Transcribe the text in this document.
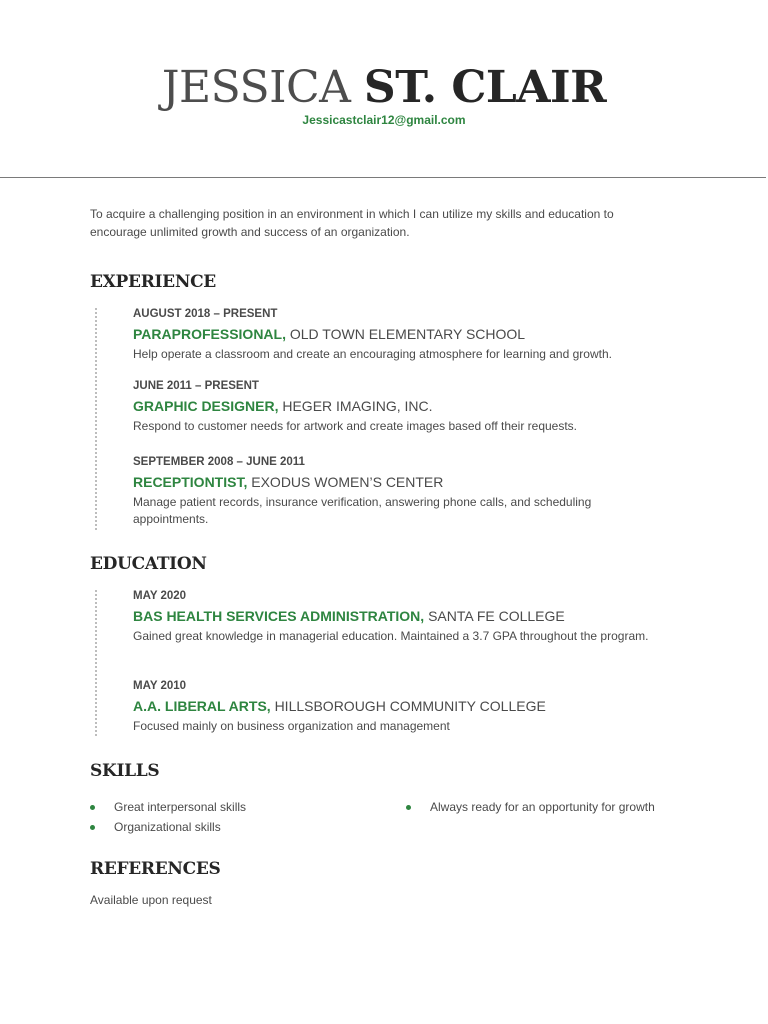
JESSICA ST. CLAIR
Jessicastclair12@gmail.com
To acquire a challenging position in an environment in which I can utilize my skills and education to encourage unlimited growth and success of an organization.
EXPERIENCE
AUGUST 2018 – PRESENT
PARAPROFESSIONAL, OLD TOWN ELEMENTARY SCHOOL
Help operate a classroom and create an encouraging atmosphere for learning and growth.
JUNE 2011 – PRESENT
GRAPHIC DESIGNER, HEGER IMAGING, INC.
Respond to customer needs for artwork and create images based off their requests.
SEPTEMBER 2008 – JUNE 2011
RECEPTIONTIST, EXODUS WOMEN’S CENTER
Manage patient records, insurance verification, answering phone calls, and scheduling appointments.
EDUCATION
MAY 2020
BAS HEALTH SERVICES ADMINISTRATION, SANTA FE COLLEGE
Gained great knowledge in managerial education. Maintained a 3.7 GPA throughout the program.
MAY 2010
A.A. LIBERAL ARTS, HILLSBOROUGH COMMUNITY COLLEGE
Focused mainly on business organization and management
SKILLS
Great interpersonal skills
Organizational skills
Always ready for an opportunity for growth
REFERENCES
Available upon request
